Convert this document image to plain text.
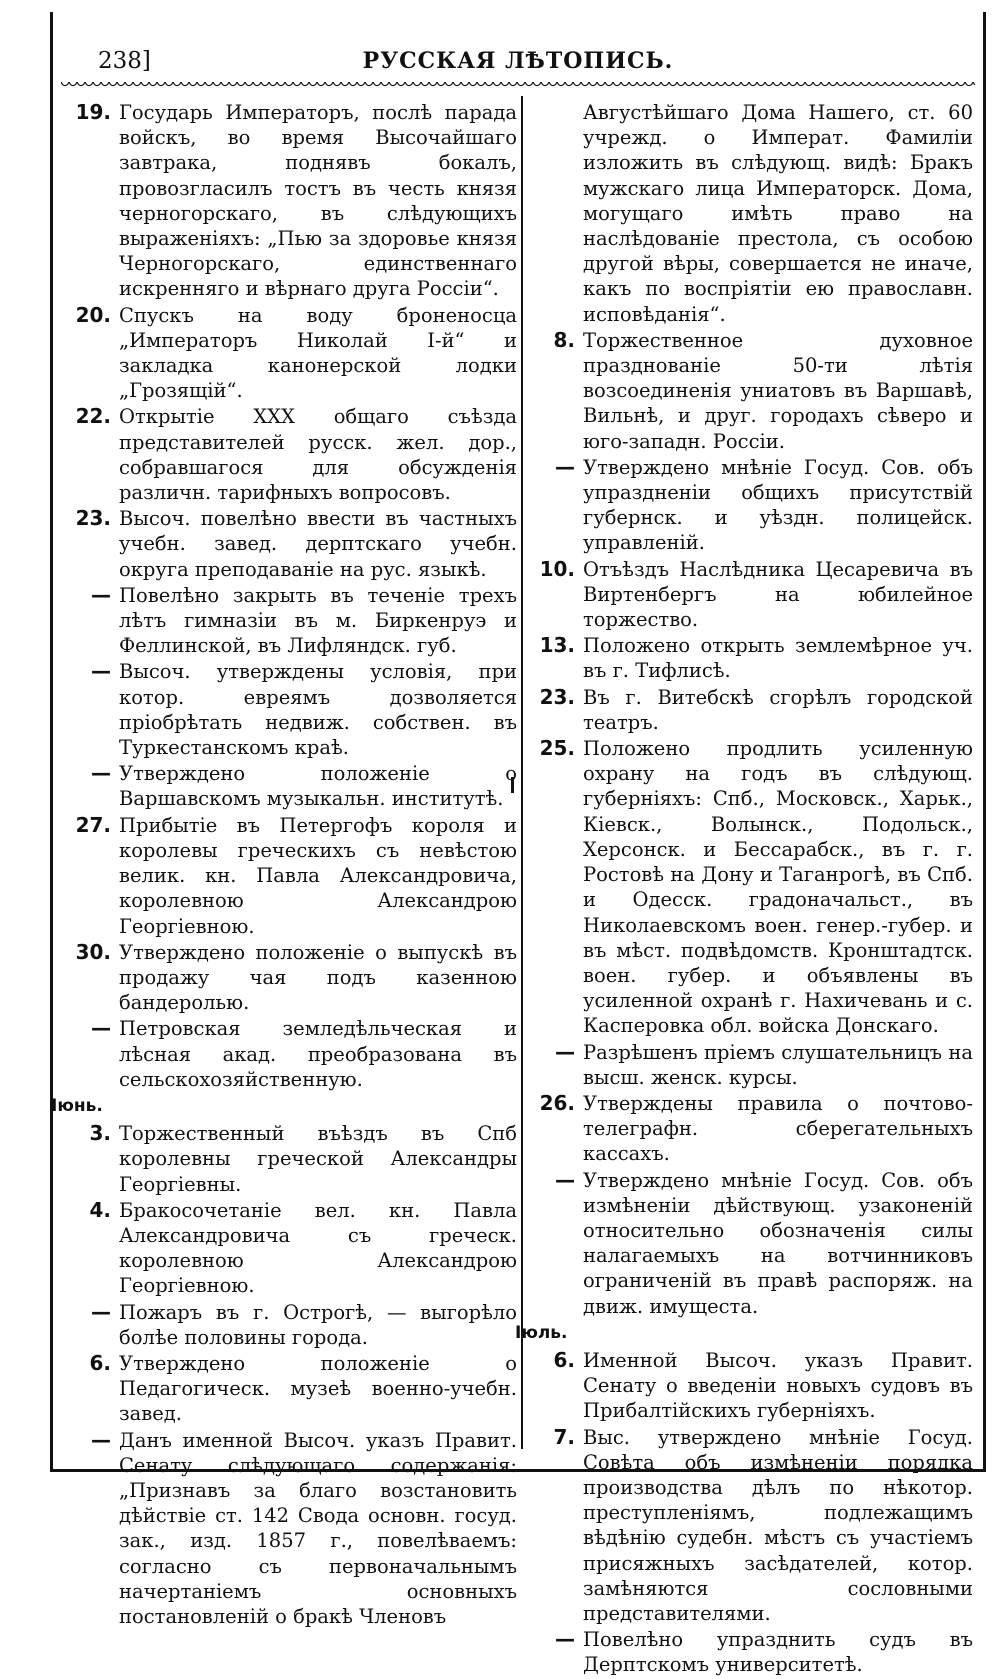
238]	РУССКАЯ ЛѢТОПИСЬ.
19. Государь Императоръ, послѣ парада войскъ, во время Высочайшаго завтрака, поднявъ бокалъ, провозгласилъ тостъ въ честь князя черногорскаго, въ слѣдующихъ выраженіяхъ: „Пью за здоровье князя Черногорскаго, единственнаго искренняго и вѣрнаго друга Россіи“.
20. Спускъ на воду броненосца „Императоръ Николай I-й“ и закладка канонерской лодки „Грозящій“.
22. Открытіе XXX общаго съѣзда представителей русск. жел. дор., собравшагося для обсужденія различн. тарифныхъ вопросовъ.
23. Высоч. повелѣно ввести въ частныхъ учебн. завед. дерптскаго учебн. округа преподаваніе на рус. языкѣ.
— Повелѣно закрыть въ теченіе трехъ лѣтъ гимназіи въ м. Биркенруэ и Феллинской, въ Лифляндск. губ.
— Высоч. утверждены условія, при котор. евреямъ дозволяется пріобрѣтать недвиж. собствен. въ Туркестанскомъ краѣ.
— Утверждено положеніе о Варшавскомъ музыкальн. институтѣ.
27. Прибытіе въ Петергофъ короля и королевы греческихъ съ невѣстою велик. кн. Павла Александровича, королевною Александрою Георгіевною.
30. Утверждено положеніе о выпускѣ въ продажу чая подъ казенною бандеролью.
— Петровская земледѣльческая и лѣсная акад. преобразована въ сельскохозяйственную.
Іюнь.
3. Торжественный въѣздъ въ Спб королевны греческой Александры Георгіевны.
4. Бракосочетаніе вел. кн. Павла Александровича съ греческ. королевною Александрою Георгіевною.
— Пожаръ въ г. Острогѣ, — выгорѣло болѣе половины города.
6. Утверждено положеніе о Педагогическ. музеѣ военно-учебн. завед.
— Данъ именной Высоч. указъ Правит. Сенату слѣдующаго содержанія: „Признавъ за благо возстановить дѣйствіе ст. 142 Свода основн. госуд. зак., изд. 1857 г., повелѣваемъ: согласно съ первоначальнымъ начертаніемъ основныхъ постановленій о бракѣ Членовъ
Августѣйшаго Дома Нашего, ст. 60 учрежд. о Императ. Фамиліи изложить въ слѣдующ. видѣ: Бракъ мужскаго лица Императорск. Дома, могущаго имѣть право на наслѣдованіе престола, съ особою другой вѣры, совершается не иначе, какъ по воспріятіи ею православн. исповѣданія“.
8. Торжественное духовное празднованіе 50-ти лѣтія возсоединенія униатовъ въ Варшавѣ, Вильнѣ, и друг. городахъ сѣверо и юго-западн. Россіи.
— Утверждено мнѣніе Госуд. Сов. объ упраздненіи общихъ присутствій губернск. и уѣздн. полицейск. управленій.
10. Отъѣздъ Наслѣдника Цесаревича въ Виртенбергъ на юбилейное торжество.
13. Положено открыть землемѣрное уч. въ г. Тифлисѣ.
23. Въ г. Витебскѣ сгорѣлъ городской театръ.
25. Положено продлить усиленную охрану на годъ въ слѣдующ. губерніяхъ: Спб., Московск., Харьк., Кіевск., Волынск., Подольск., Херсонск. и Бессарабск., въ г. г. Ростовѣ на Дону и Таганрогѣ, въ Спб. и Одесск. градоначальст., въ Николаевскомъ воен. генер.-губер. и въ мѣст. подвѣдомств. Кронштадтск. воен. губер. и объявлены въ усиленной охранѣ г. Нахичевань и с. Касперовка обл. войска Донскаго.
— Разрѣшенъ пріемъ слушательницъ на высш. женск. курсы.
26. Утверждены правила о почтово-телеграфн. сберегательныхъ кассахъ.
— Утверждено мнѣніе Госуд. Сов. объ измѣненіи дѣйствующ. узаконеній относительно обозначенія силы налагаемыхъ на вотчинниковъ ограниченій въ правѣ распоряж. на движ. имущеста.
Іюль.
6. Именной Высоч. указъ Правит. Сенату о введеніи новыхъ судовъ въ Прибалтійскихъ губерніяхъ.
7. Выс. утверждено мнѣніе Госуд. Совѣта объ измѣненіи порядка производства дѣлъ по нѣкотор. преступленіямъ, подлежащимъ вѣдѣнію судебн. мѣстъ съ участіемъ присяжныхъ засѣдателей, котор. замѣняются сословными представителями.
— Повелѣно упразднить судъ въ Дерптскомъ университетѣ.
